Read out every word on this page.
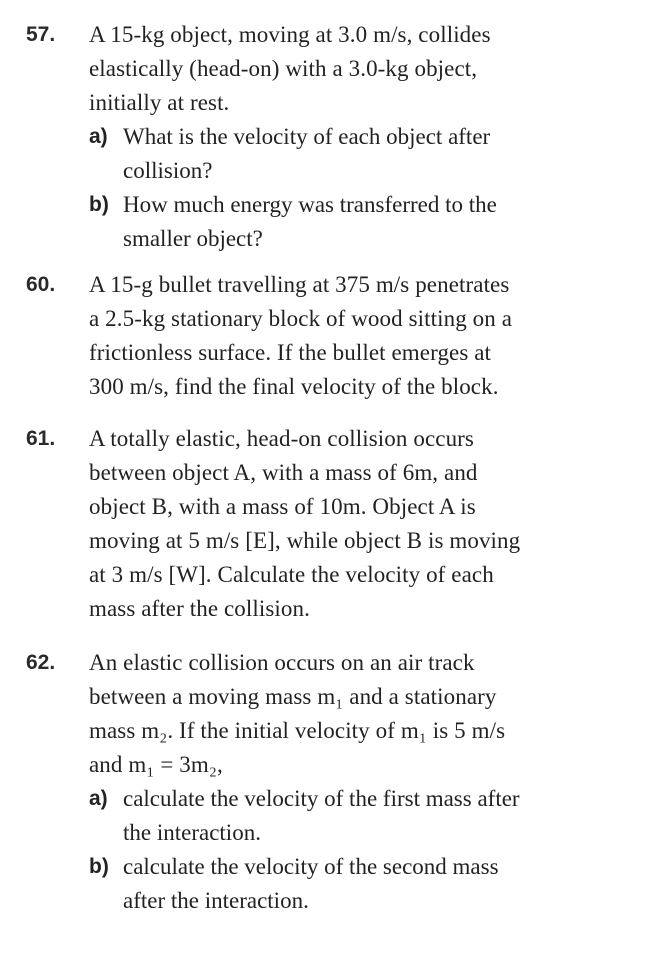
57. A 15-kg object, moving at 3.0 m/s, collides
elastically (head-on) with a 3.0-kg object,
initially at rest.
a) What is the velocity of each object after
collision?
b) How much energy was transferred to the
smaller object?
60. A 15-g bullet travelling at 375 m/s penetrates
a 2.5-kg stationary block of wood sitting on a
frictionless surface. If the bullet emerges at
300 m/s, find the final velocity of the block.
61. A totally elastic, head-on collision occurs
between object A, with a mass of 6m, and
object B, with a mass of 10m. Object A is
moving at 5 m/s [E], while object B is moving
at 3 m/s [W]. Calculate the velocity of each
mass after the collision.
62. An elastic collision occurs on an air track
between a moving mass m₁ and a stationary
mass m₂. If the initial velocity of m₁ is 5 m/s
and m₁ = 3m₂,
a) calculate the velocity of the first mass after
the interaction.
b) calculate the velocity of the second mass
after the interaction.
